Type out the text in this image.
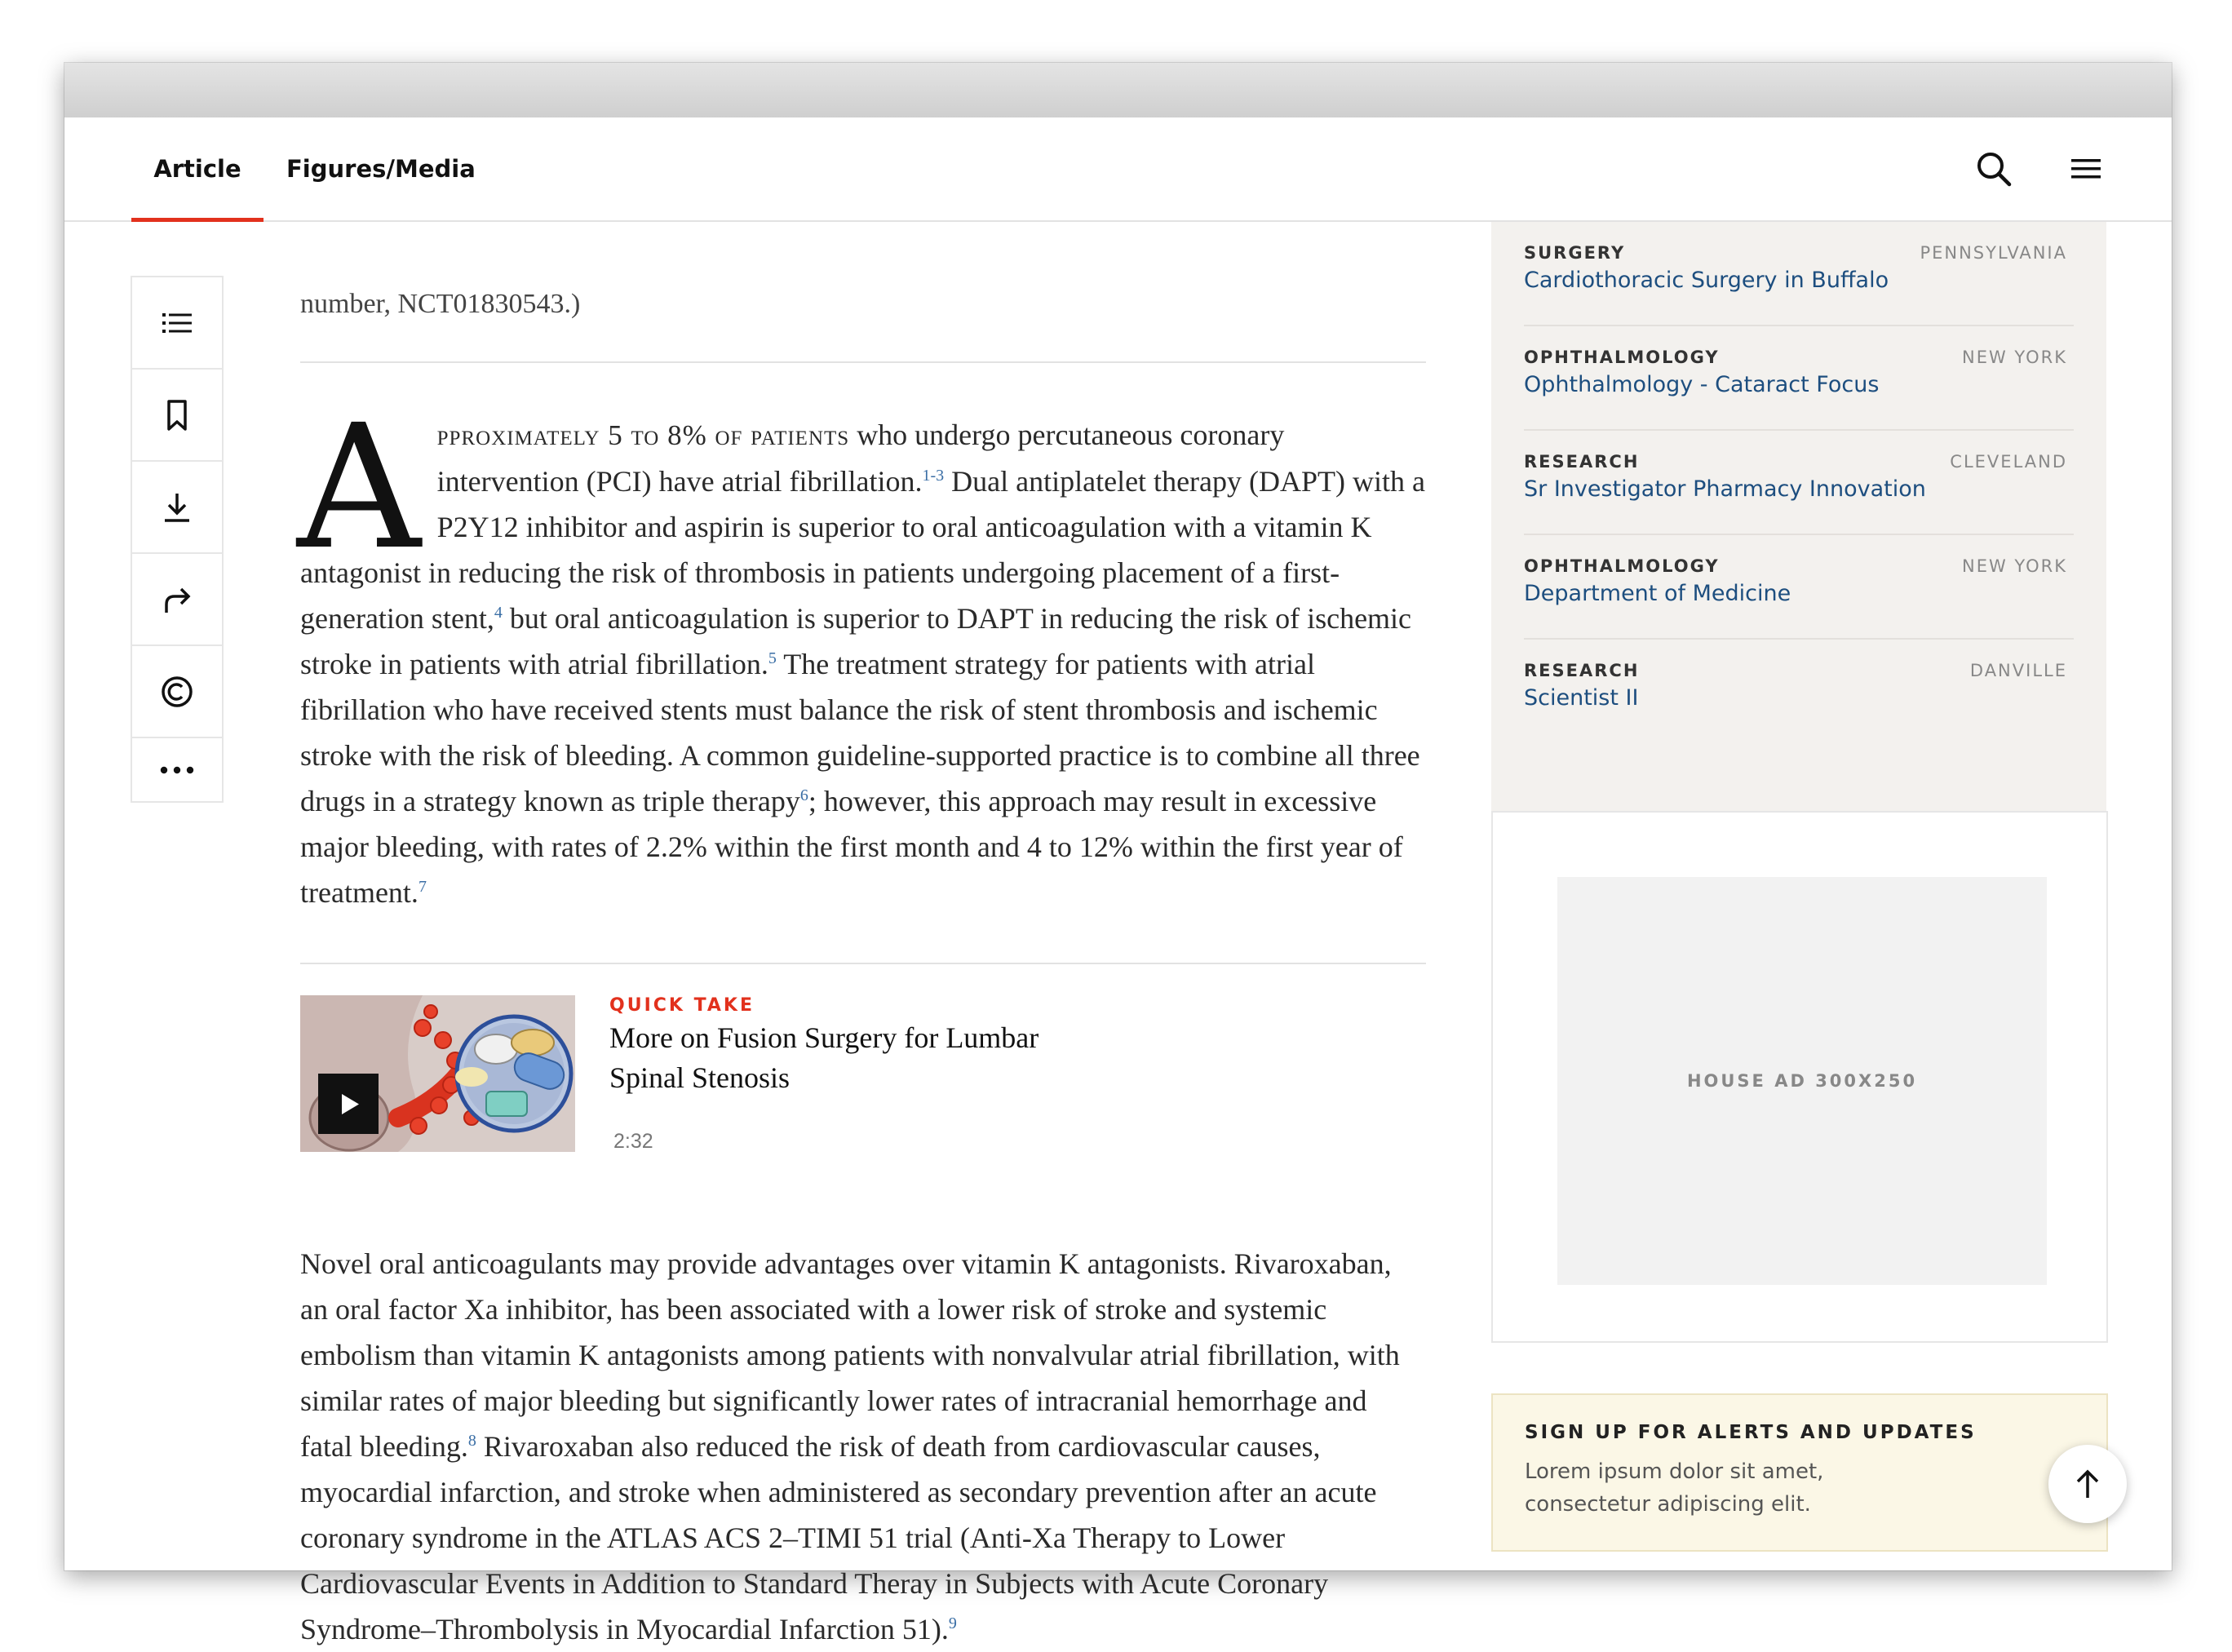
Article	Figures/Media

number, NCT01830543.)

Approximately 5 to 8% of patients who undergo percutaneous coronary intervention (PCI) have atrial fibrillation.$^{1-3}$ Dual antiplatelet therapy (DAPT) with a P2Y12 inhibitor and aspirin is superior to oral anticoagulation with a vitamin K antagonist in reducing the risk of thrombosis in patients undergoing placement of a first-generation stent,$^4$ but oral anticoagulation is superior to DAPT in reducing the risk of ischemic stroke in patients with atrial fibrillation.$^5$ The treatment strategy for patients with atrial fibrillation who have received stents must balance the risk of stent thrombosis and ischemic stroke with the risk of bleeding. A common guideline-supported practice is to combine all three drugs in a strategy known as triple therapy$^6$; however, this approach may result in excessive major bleeding, with rates of 2.2% within the first month and 4 to 12% within the first year of treatment.$^7$

QUICK TAKE
More on Fusion Surgery for Lumbar Spinal Stenosis
2:32

Novel oral anticoagulants may provide advantages over vitamin K antagonists. Rivaroxaban, an oral factor Xa inhibitor, has been associated with a lower risk of stroke and systemic embolism than vitamin K antagonists among patients with nonvalvular atrial fibrillation, with similar rates of major bleeding but significantly lower rates of intracranial hemorrhage and fatal bleeding.$^8$ Rivaroxaban also reduced the risk of death from cardiovascular causes, myocardial infarction, and stroke when administered as secondary prevention after an acute coronary syndrome in the ATLAS ACS 2–TIMI 51 trial (Anti-Xa Therapy to Lower Cardiovascular Events in Addition to Standard Theray in Subjects with Acute Coronary Syndrome–Thrombolysis in Myocardial Infarction 51).$^9$

SURGERY	PENNSYLVANIA
Cardiothoracic Surgery in Buffalo
OPHTHALMOLOGY	NEW YORK
Ophthalmology - Cataract Focus
RESEARCH	CLEVELAND
Sr Investigator Pharmacy Innovation
OPHTHALMOLOGY	NEW YORK
Department of Medicine
RESEARCH	DANVILLE
Scientist II
HOUSE AD 300X250
SIGN UP FOR ALERTS AND UPDATES
Lorem ipsum dolor sit amet, consectetur adipiscing elit.
